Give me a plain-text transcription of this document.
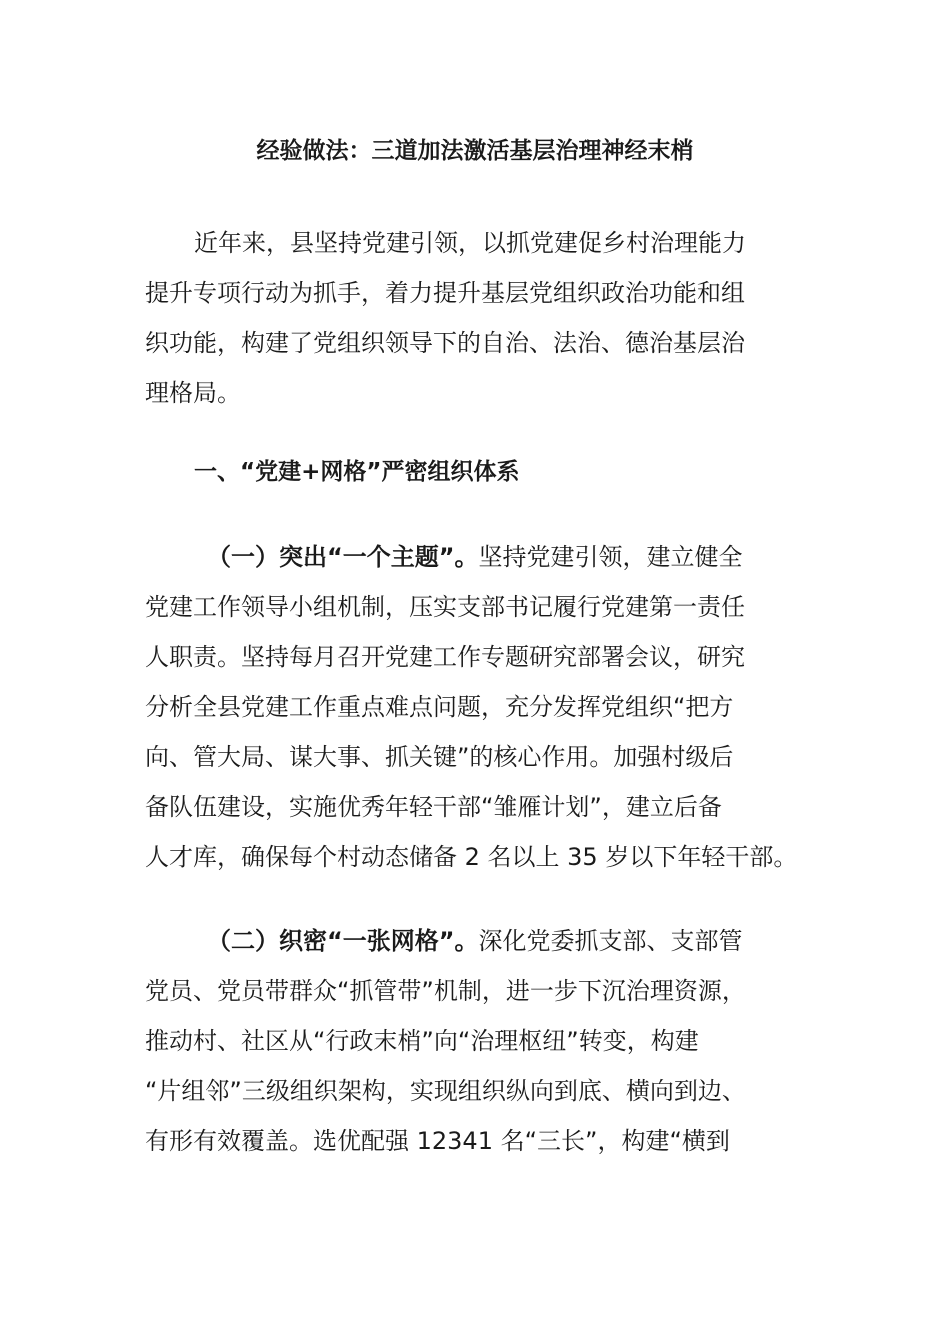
经验做法：三道加法激活基层治理神经末梢
近年来，县坚持党建引领，以抓党建促乡村治理能力
提升专项行动为抓手，着力提升基层党组织政治功能和组
织功能，构建了党组织领导下的自治、法治、德治基层治
理格局。
一、“党建+网格”严密组织体系
（一）突出“一个主题”。坚持党建引领，建立健全
党建工作领导小组机制，压实支部书记履行党建第一责任
人职责。坚持每月召开党建工作专题研究部署会议，研究
分析全县党建工作重点难点问题，充分发挥党组织“把方
向、管大局、谋大事、抓关键”的核心作用。加强村级后
备队伍建设，实施优秀年轻干部“雏雁计划”，建立后备
人才库，确保每个村动态储备 2 名以上 35 岁以下年轻干部。
（二）织密“一张网格”。深化党委抓支部、支部管
党员、党员带群众“抓管带”机制，进一步下沉治理资源，
推动村、社区从“行政末梢”向“治理枢纽”转变，构建
“片组邻”三级组织架构，实现组织纵向到底、横向到边、
有形有效覆盖。选优配强 12341 名“三长”，构建“横到
